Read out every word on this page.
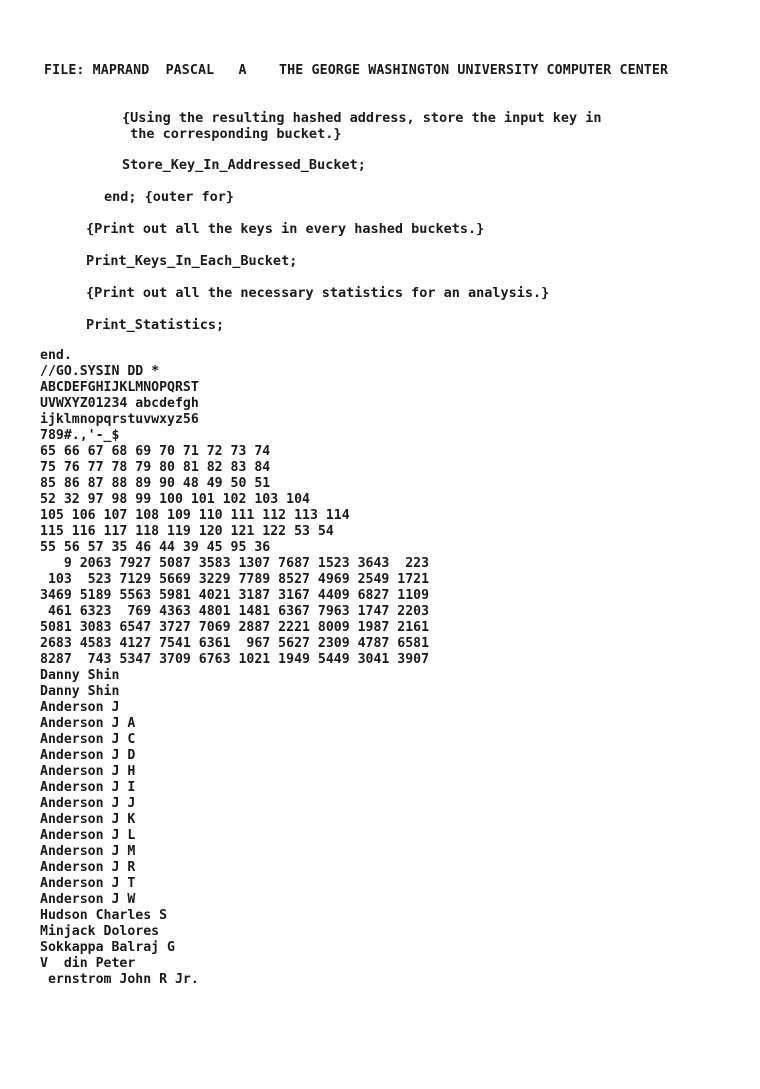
FILE: MAPRAND  PASCAL   A    THE GEORGE WASHINGTON UNIVERSITY COMPUTER CENTER
{Using the resulting hashed address, store the input key in
the corresponding bucket.}
Store_Key_In_Addressed_Bucket;
end; {outer for}
{Print out all the keys in every hashed buckets.}
Print_Keys_In_Each_Bucket;
{Print out all the necessary statistics for an analysis.}
Print_Statistics;
end.
//GO.SYSIN DD *
ABCDEFGHIJKLMNOPQRST
UVWXYZ01234 abcdefgh
ijklmnopqrstuvwxyz56
789#.,'-_$
65 66 67 68 69 70 71 72 73 74
75 76 77 78 79 80 81 82 83 84
85 86 87 88 89 90 48 49 50 51
52 32 97 98 99 100 101 102 103 104
105 106 107 108 109 110 111 112 113 114
115 116 117 118 119 120 121 122 53 54
55 56 57 35 46 44 39 45 95 36
9 2063 7927 5087 3583 1307 7687 1523 3643  223
103  523 7129 5669 3229 7789 8527 4969 2549 1721
3469 5189 5563 5981 4021 3187 3167 4409 6827 1109
461 6323  769 4363 4801 1481 6367 7963 1747 2203
5081 3083 6547 3727 7069 2887 2221 8009 1987 2161
2683 4583 4127 7541 6361  967 5627 2309 4787 6581
8287  743 5347 3709 6763 1021 1949 5449 3041 3907
Danny Shin
Danny Shin
Anderson J
Anderson J A
Anderson J C
Anderson J D
Anderson J H
Anderson J I
Anderson J J
Anderson J K
Anderson J L
Anderson J M
Anderson J R
Anderson J T
Anderson J W
Hudson Charles S
Minjack Dolores
Sokkappa Balraj G
V  din Peter
ernstrom John R Jr.
